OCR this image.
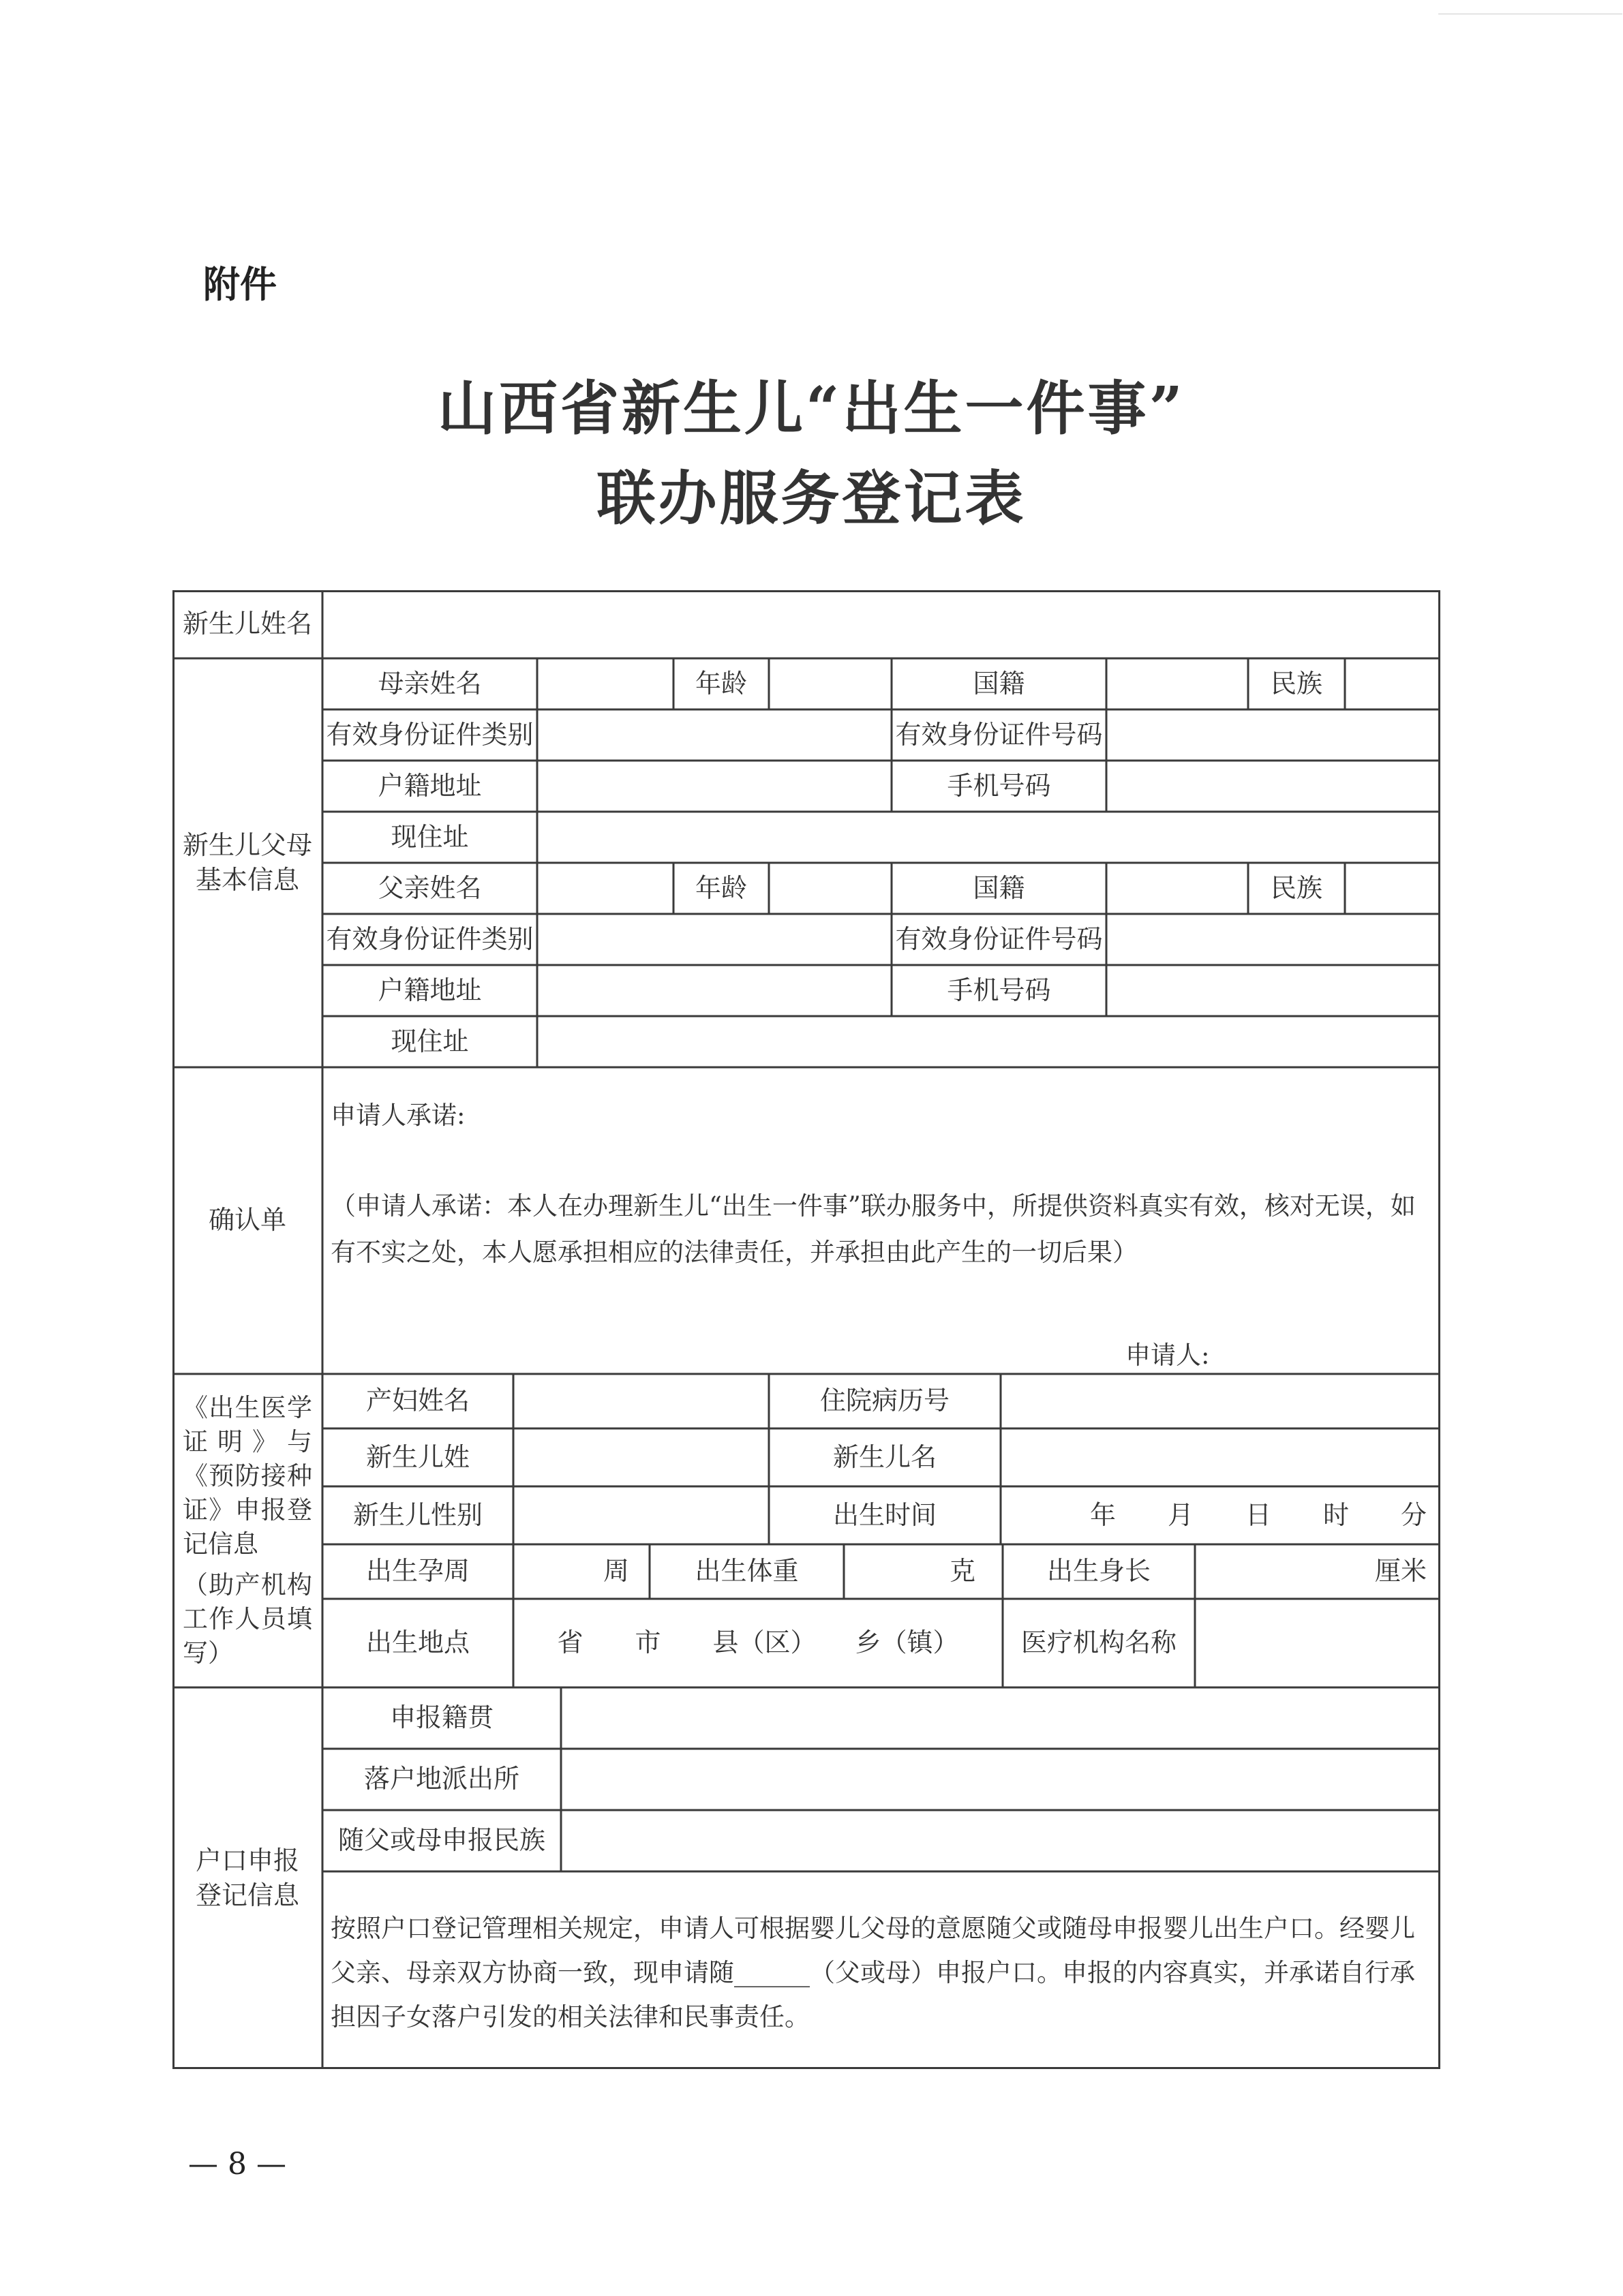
附件
山西省新生儿“出生一件事”
联办服务登记表
新生儿姓名
新生儿父母
基本信息
母亲姓名	年龄	国籍	民族
有效身份证件类别	有效身份证件号码
户籍地址	手机号码
现住址
父亲姓名	年龄	国籍	民族
有效身份证件类别	有效身份证件号码
户籍地址	手机号码
现住址
确认单
申请人承诺:
（申请人承诺：本人在办理新生儿“出生一件事”联办服务中，所提供资料真实有效，核对无误，如有不实之处，本人愿承担相应的法律责任，并承担由此产生的一切后果）
申请人:
《出生医学证明》与《预防接种证》申报登记信息
（助产机构工作人员填写）
产妇姓名	住院病历号
新生儿姓	新生儿名
新生儿性别	出生时间	年　　月　　日　　时　　分
出生孕周	周	出生体重	克	出生身长	厘米
出生地点	省　　市　　县（区）　　乡（镇）	医疗机构名称
户口申报
登记信息
申报籍贯
落户地派出所
随父或母申报民族
按照户口登记管理相关规定，申请人可根据婴儿父母的意愿随父或随母申报婴儿出生户口。经婴儿父亲、母亲双方协商一致，现申请随______（父或母）申报户口。申报的内容真实，并承诺自行承担因子女落户引发的相关法律和民事责任。
— 8 —
